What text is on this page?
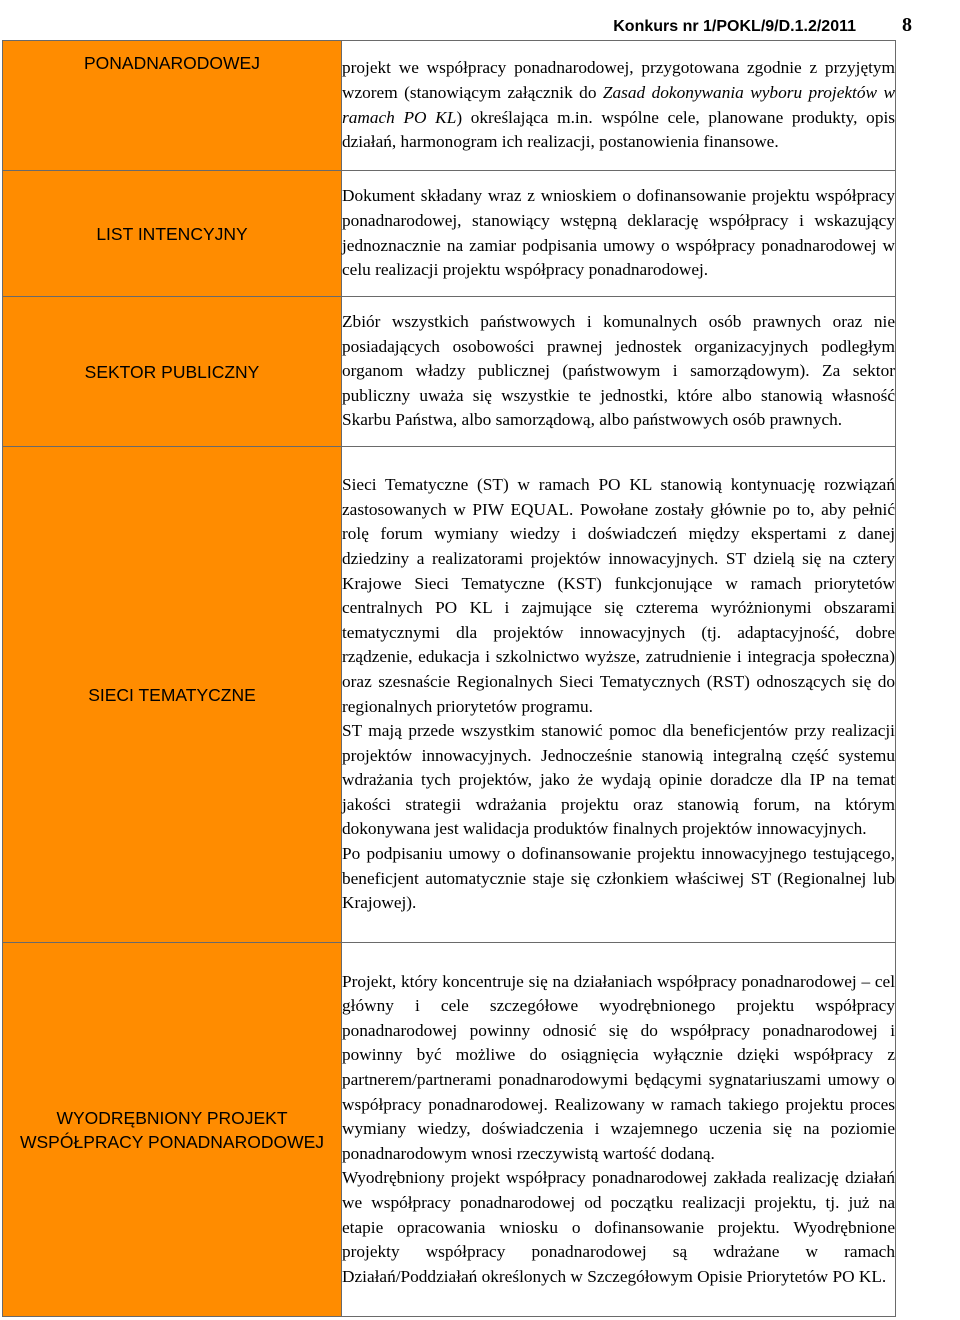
Konkurs nr 1/POKL/9/D.1.2/2011 8
PONADNARODOWEJ	projekt we współpracy ponadnarodowej, przygotowana zgodnie z przyjętym wzorem (stanowiącym załącznik do Zasad dokonywania wyboru projektów w ramach PO KL) określająca m.in. wspólne cele, planowane produkty, opis działań, harmonogram ich realizacji, postanowienia finansowe.

LIST INTENCYJNY	Dokument składany wraz z wnioskiem o dofinansowanie projektu współpracy ponadnarodowej, stanowiący wstępną deklarację współpracy i wskazujący jednoznacznie na zamiar podpisania umowy o współpracy ponadnarodowej w celu realizacji projektu współpracy ponadnarodowej.

SEKTOR PUBLICZNY	Zbiór wszystkich państwowych i komunalnych osób prawnych oraz nie posiadających osobowości prawnej jednostek organizacyjnych podległym organom władzy publicznej (państwowym i samorządowym). Za sektor publiczny uważa się wszystkie te jednostki, które albo stanowią własność Skarbu Państwa, albo samorządową, albo państwowych osób prawnych.

SIECI TEMATYCZNE	Sieci Tematyczne (ST) w ramach PO KL stanowią kontynuację rozwiązań zastosowanych w PIW EQUAL. Powołane zostały głównie po to, aby pełnić rolę forum wymiany wiedzy i doświadczeń między ekspertami z danej dziedziny a realizatorami projektów innowacyjnych. ST dzielą się na cztery Krajowe Sieci Tematyczne (KST) funkcjonujące w ramach priorytetów centralnych PO KL i zajmujące się czterema wyróżnionymi obszarami tematycznymi dla projektów innowacyjnych (tj. adaptacyjność, dobre rządzenie, edukacja i szkolnictwo wyższe, zatrudnienie i integracja społeczna) oraz szesnaście Regionalnych Sieci Tematycznych (RST) odnoszących się do regionalnych priorytetów programu.

ST mają przede wszystkim stanowić pomoc dla beneficjentów przy realizacji projektów innowacyjnych. Jednocześnie stanowią integralną część systemu wdrażania tych projektów, jako że wydają opinie doradcze dla IP na temat jakości strategii wdrażania projektu oraz stanowią forum, na którym dokonywana jest walidacja produktów finalnych projektów innowacyjnych.

Po podpisaniu umowy o dofinansowanie projektu innowacyjnego testującego, beneficjent automatycznie staje się członkiem właściwej ST (Regionalnej lub Krajowej).

WYODRĘBNIONY PROJEKT WSPÓŁPRACY PONADNARODOWEJ	Projekt, który koncentruje się na działaniach współpracy ponadnarodowej – cel główny i cele szczegółowe wyodrębnionego projektu współpracy ponadnarodowej powinny odnosić się do współpracy ponadnarodowej i powinny być możliwe do osiągnięcia wyłącznie dzięki współpracy z partnerem/partnerami ponadnarodowymi będącymi sygnatariuszami umowy o współpracy ponadnarodowej. Realizowany w ramach takiego projektu proces wymiany wiedzy, doświadczenia i wzajemnego uczenia się na poziomie ponadnarodowym wnosi rzeczywistą wartość dodaną.

Wyodrębniony projekt współpracy ponadnarodowej zakłada realizację działań we współpracy ponadnarodowej od początku realizacji projektu, tj. już na etapie opracowania wniosku o dofinansowanie projektu. Wyodrębnione projekty współpracy ponadnarodowej są wdrażane w ramach Działań/Poddziałań określonych w Szczegółowym Opisie Priorytetów PO KL.
